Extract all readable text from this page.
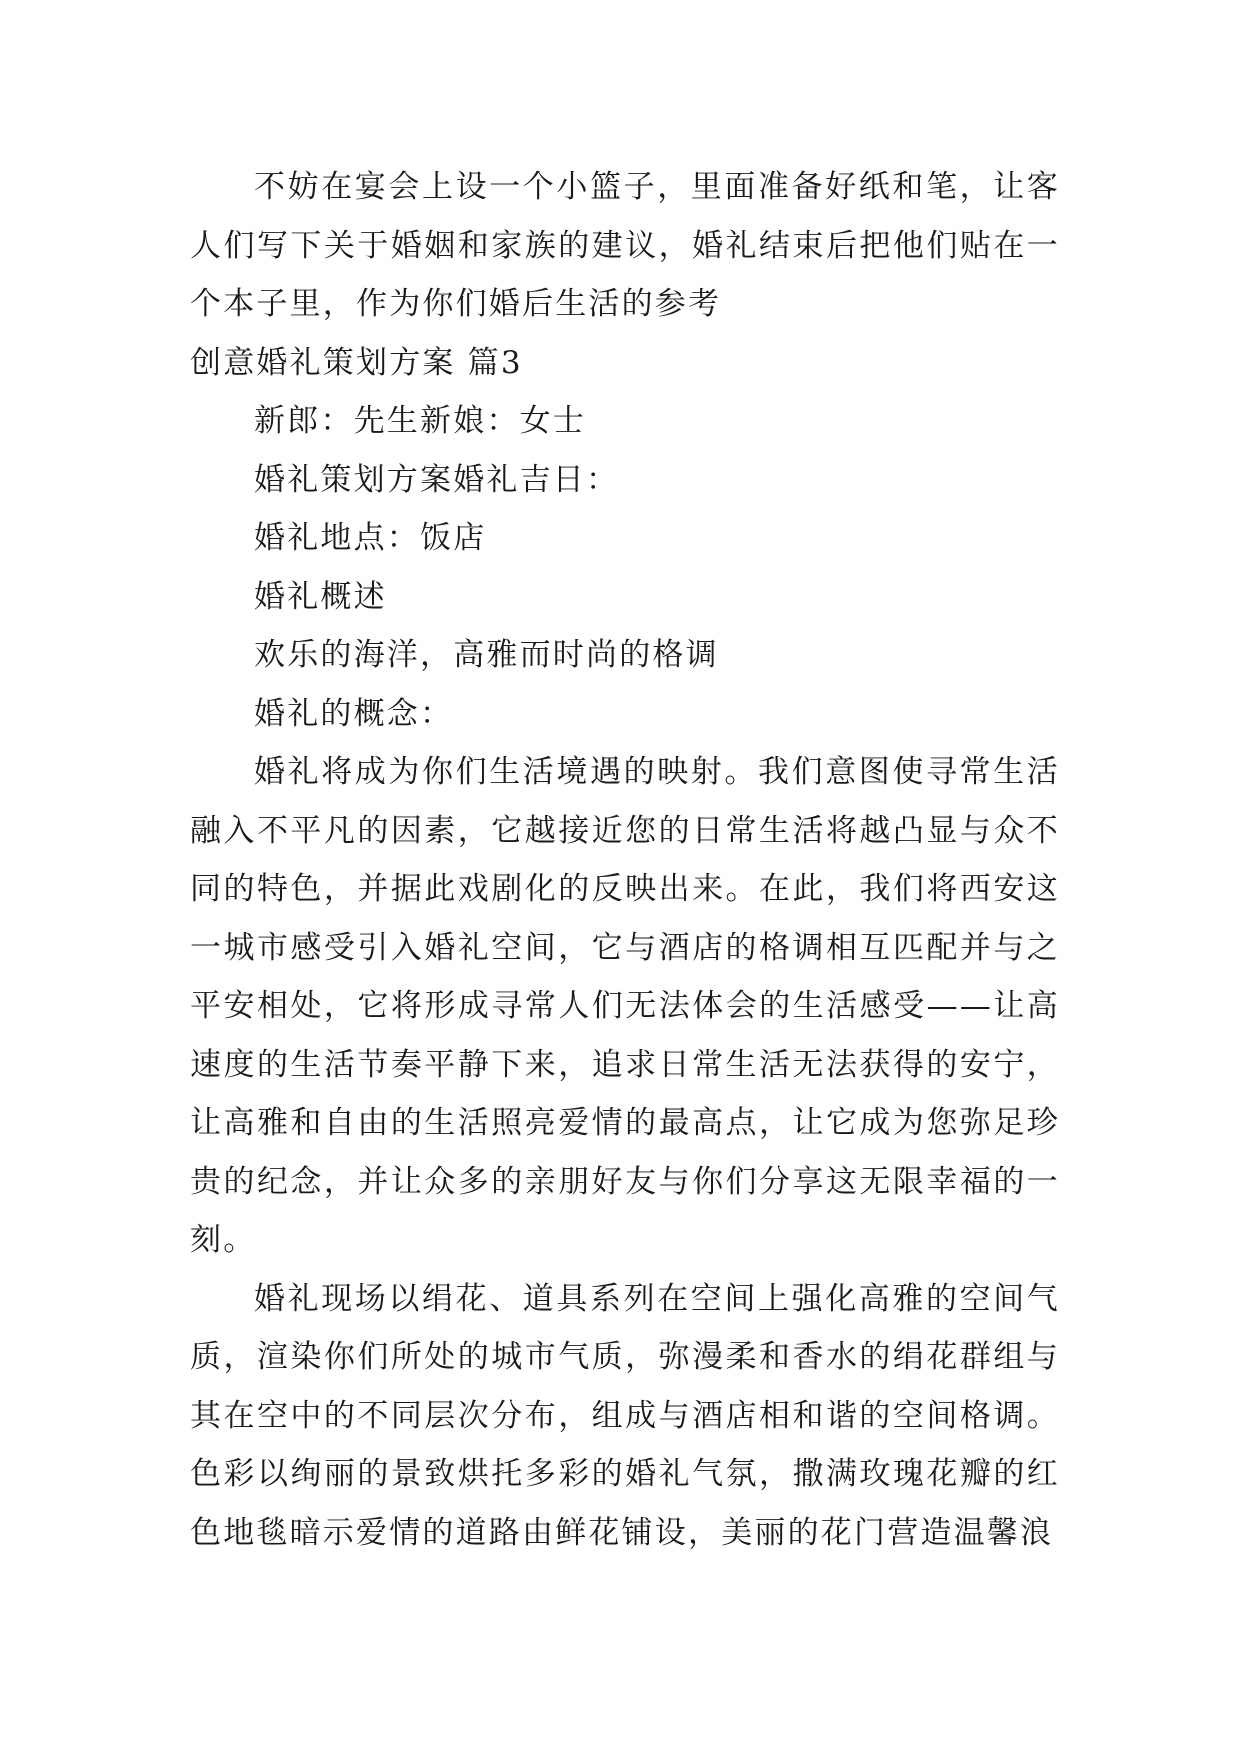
不妨在宴会上设一个小篮子，里面准备好纸和笔，让客人们写下关于婚姻和家族的建议，婚礼结束后把他们贴在一个本子里，作为你们婚后生活的参考

创意婚礼策划方案 篇3

新郎：先生新娘：女士

婚礼策划方案婚礼吉日：

婚礼地点：饭店

婚礼概述

欢乐的海洋，高雅而时尚的格调

婚礼的概念：

婚礼将成为你们生活境遇的映射。我们意图使寻常生活融入不平凡的因素，它越接近您的日常生活将越凸显与众不同的特色，并据此戏剧化的反映出来。在此，我们将西安这一城市感受引入婚礼空间，它与酒店的格调相互匹配并与之平安相处，它将形成寻常人们无法体会的生活感受——让高速度的生活节奏平静下来，追求日常生活无法获得的安宁，让高雅和自由的生活照亮爱情的最高点，让它成为您弥足珍贵的纪念，并让众多的亲朋好友与你们分享这无限幸福的一刻。

婚礼现场以绢花、道具系列在空间上强化高雅的空间气质，渲染你们所处的城市气质，弥漫柔和香水的绢花群组与其在空中的不同层次分布，组成与酒店相和谐的空间格调。色彩以绚丽的景致烘托多彩的婚礼气氛，撒满玫瑰花瓣的红色地毯暗示爱情的道路由鲜花铺设，美丽的花门营造温馨浪
